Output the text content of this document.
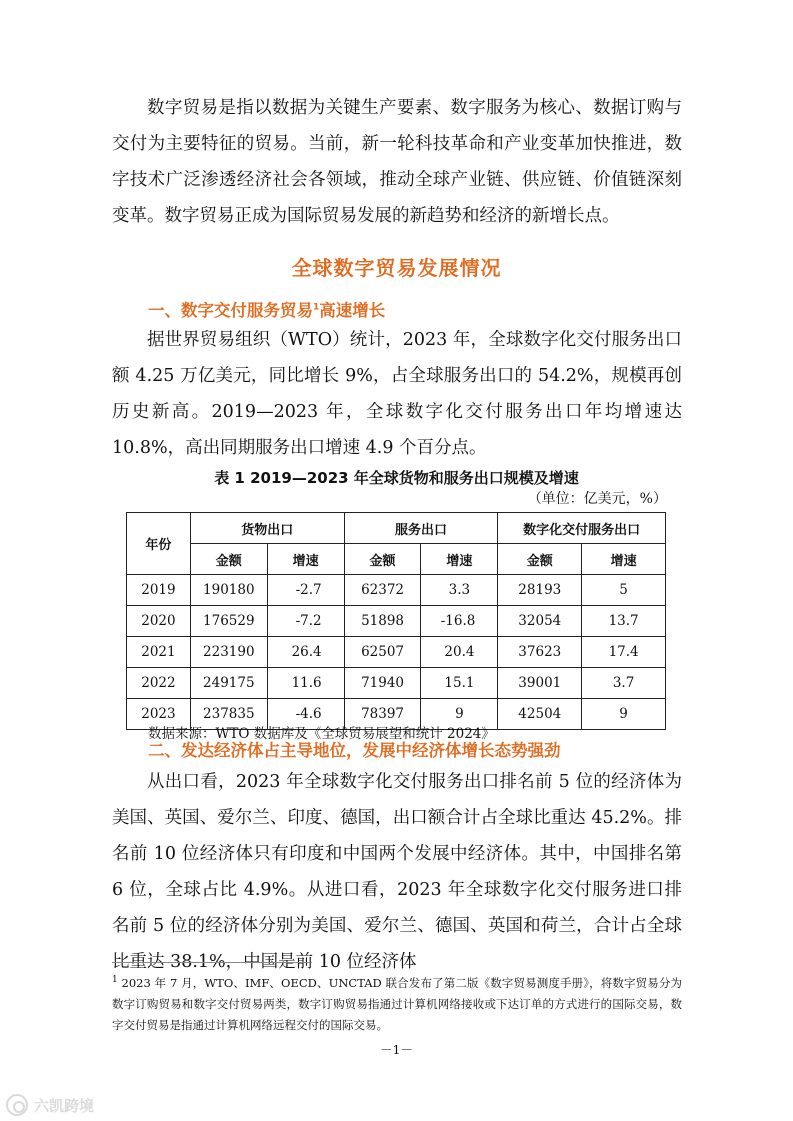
数字贸易是指以数据为关键生产要素、数字服务为核心、数据订购与交付为主要特征的贸易。当前，新一轮科技革命和产业变革加快推进，数字技术广泛渗透经济社会各领域，推动全球产业链、供应链、价值链深刻变革。数字贸易正成为国际贸易发展的新趋势和经济的新增长点。

全球数字贸易发展情况
一、数字交付服务贸易$^1$高速增长

据世界贸易组织（WTO）统计，2023 年，全球数字化交付服务出口额 4.25 万亿美元，同比增长 9%，占全球服务出口的 54.2%，规模再创历史新高。2019—2023 年，全球数字化交付服务出口年均增速达 10.8%，高出同期服务出口增速 4.9 个百分点。

表 1 2019—2023 年全球货物和服务出口规模及增速

（单位：亿美元，%）

年份	货物出口		服务出口		数字化交付服务出口	
	金额	增速	金额	增速	金额	增速
2019	190180	-2.7	62372	3.3	28193	5
2020	176529	-7.2	51898	-16.8	32054	13.7
2021	223190	26.4	62507	20.4	37623	17.4
2022	249175	11.6	71940	15.1	39001	3.7
2023	237835	-4.6	78397	9	42504	9

数据来源：WTO 数据库及《全球贸易展望和统计 2024》

二、发达经济体占主导地位，发展中经济体增长态势强劲

从出口看，2023 年全球数字化交付服务出口排名前 5 位的经济体为美国、英国、爱尔兰、印度、德国，出口额合计占全球比重达 45.2%。排名前 10 位经济体只有印度和中国两个发展中经济体。其中，中国排名第 6 位，全球占比 4.9%。从进口看，2023 年全球数字化交付服务进口排名前 5 位的经济体分别为美国、爱尔兰、德国、英国和荷兰，合计占全球比重达 38.1%，中国是前 10 位经济体

$^1$ 2023 年 7 月，WTO、IMF、OECD、UNCTAD 联合发布了第二版《数字贸易测度手册》，将数字贸易分为数字订购贸易和数字交付贸易两类，数字订购贸易指通过计算机网络接收或下达订单的方式进行的国际交易，数字交付贸易是指通过计算机网络远程交付的国际交易。

－1－

六凯跨境
